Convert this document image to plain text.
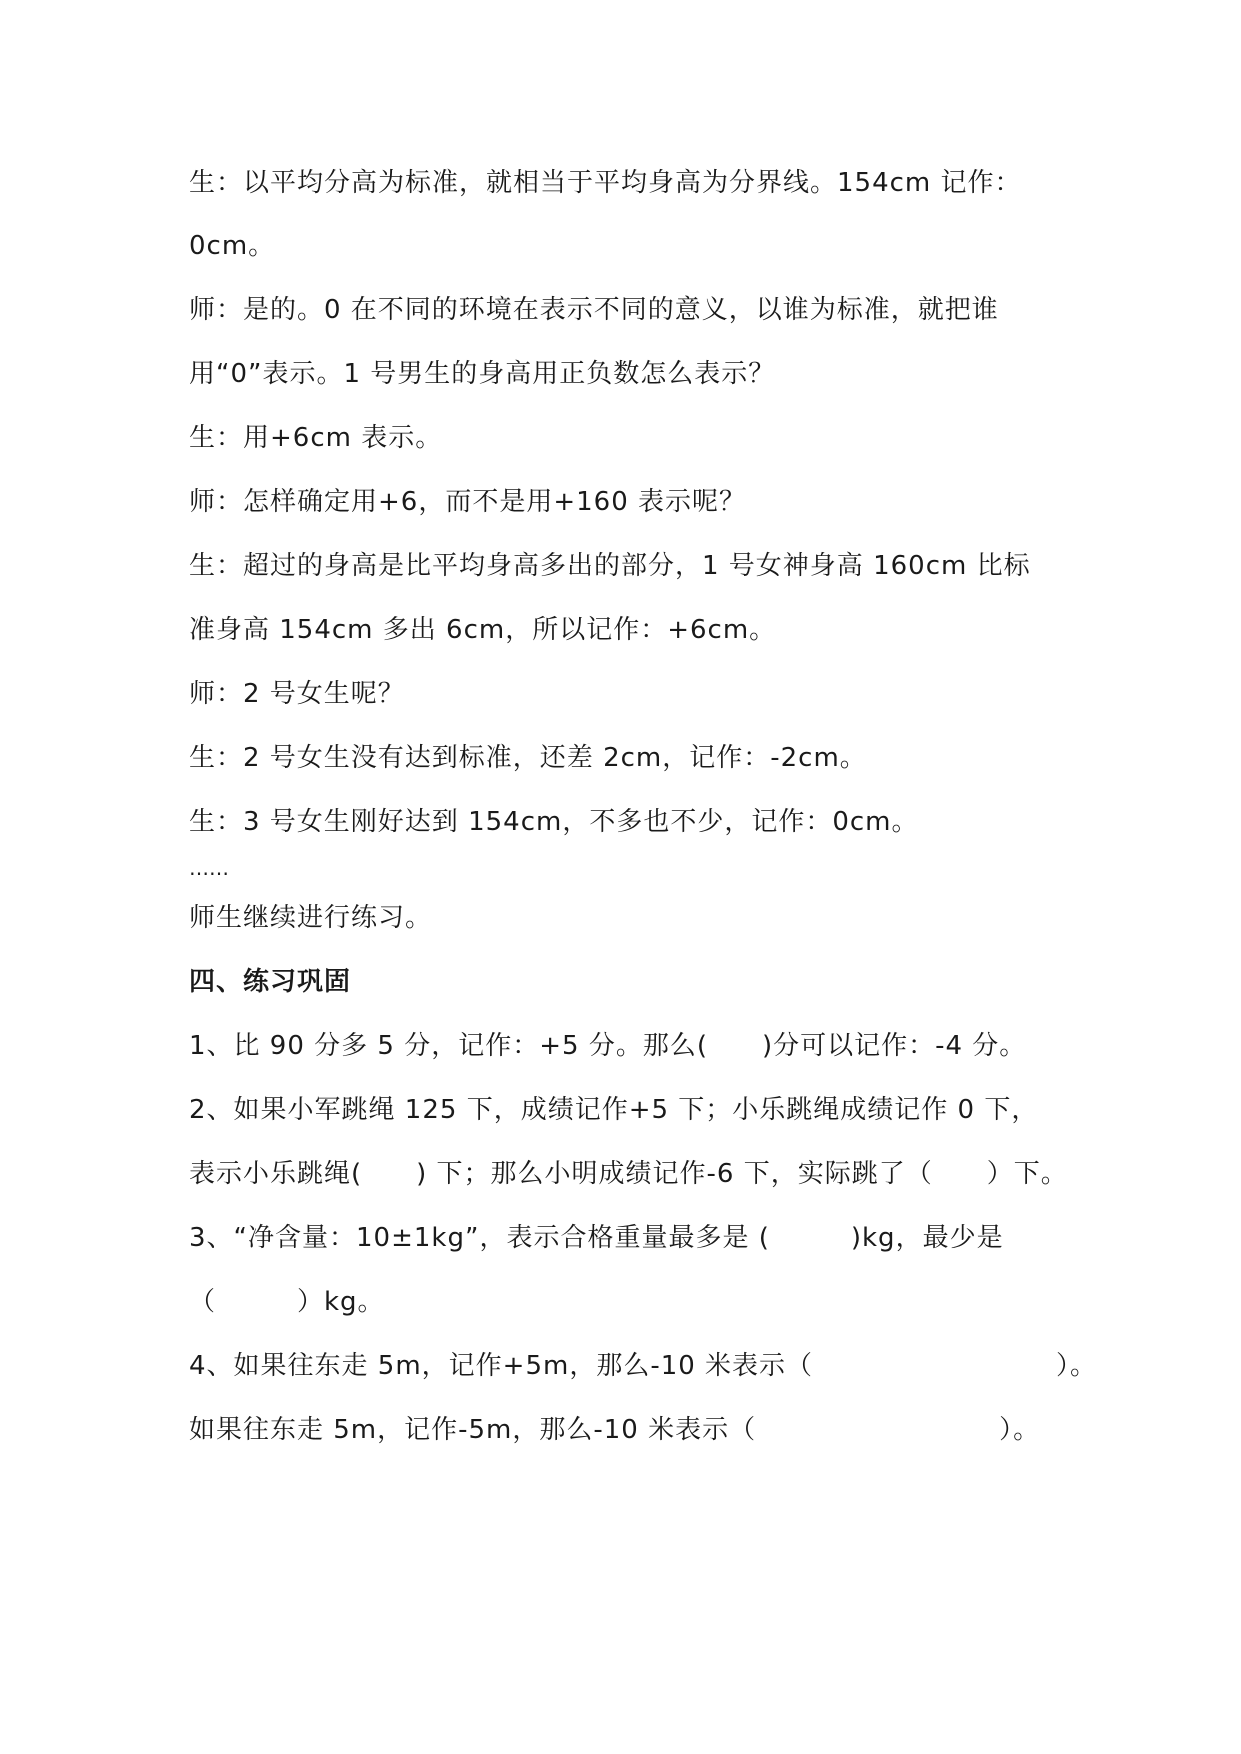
生：以平均分高为标准，就相当于平均身高为分界线。154cm 记作：
0cm。
师：是的。0 在不同的环境在表示不同的意义，以谁为标准，就把谁
用“0”表示。1 号男生的身高用正负数怎么表示？
生：用+6cm 表示。
师：怎样确定用+6，而不是用+160 表示呢？
生：超过的身高是比平均身高多出的部分，1 号女神身高 160cm 比标
准身高 154cm 多出 6cm，所以记作：+6cm。
师：2 号女生呢？
生：2 号女生没有达到标准，还差 2cm，记作：-2cm。
生：3 号女生刚好达到 154cm，不多也不少，记作：0cm。
……
师生继续进行练习。
四、练习巩固
1、比 90 分多 5 分，记作：+5 分。那么(　　)分可以记作：-4 分。
2、如果小军跳绳 125 下，成绩记作+5 下；小乐跳绳成绩记作 0 下，
表示小乐跳绳(　　) 下；那么小明成绩记作-6 下，实际跳了（　　）下。
3、“净含量：10±1kg”，表示合格重量最多是 (　　　)kg，最少是
（　　　）kg。
4、如果往东走 5m，记作+5m，那么-10 米表示（　　　　　　　　　）。
如果往东走 5m，记作-5m，那么-10 米表示（　　　　　　　　　）。
